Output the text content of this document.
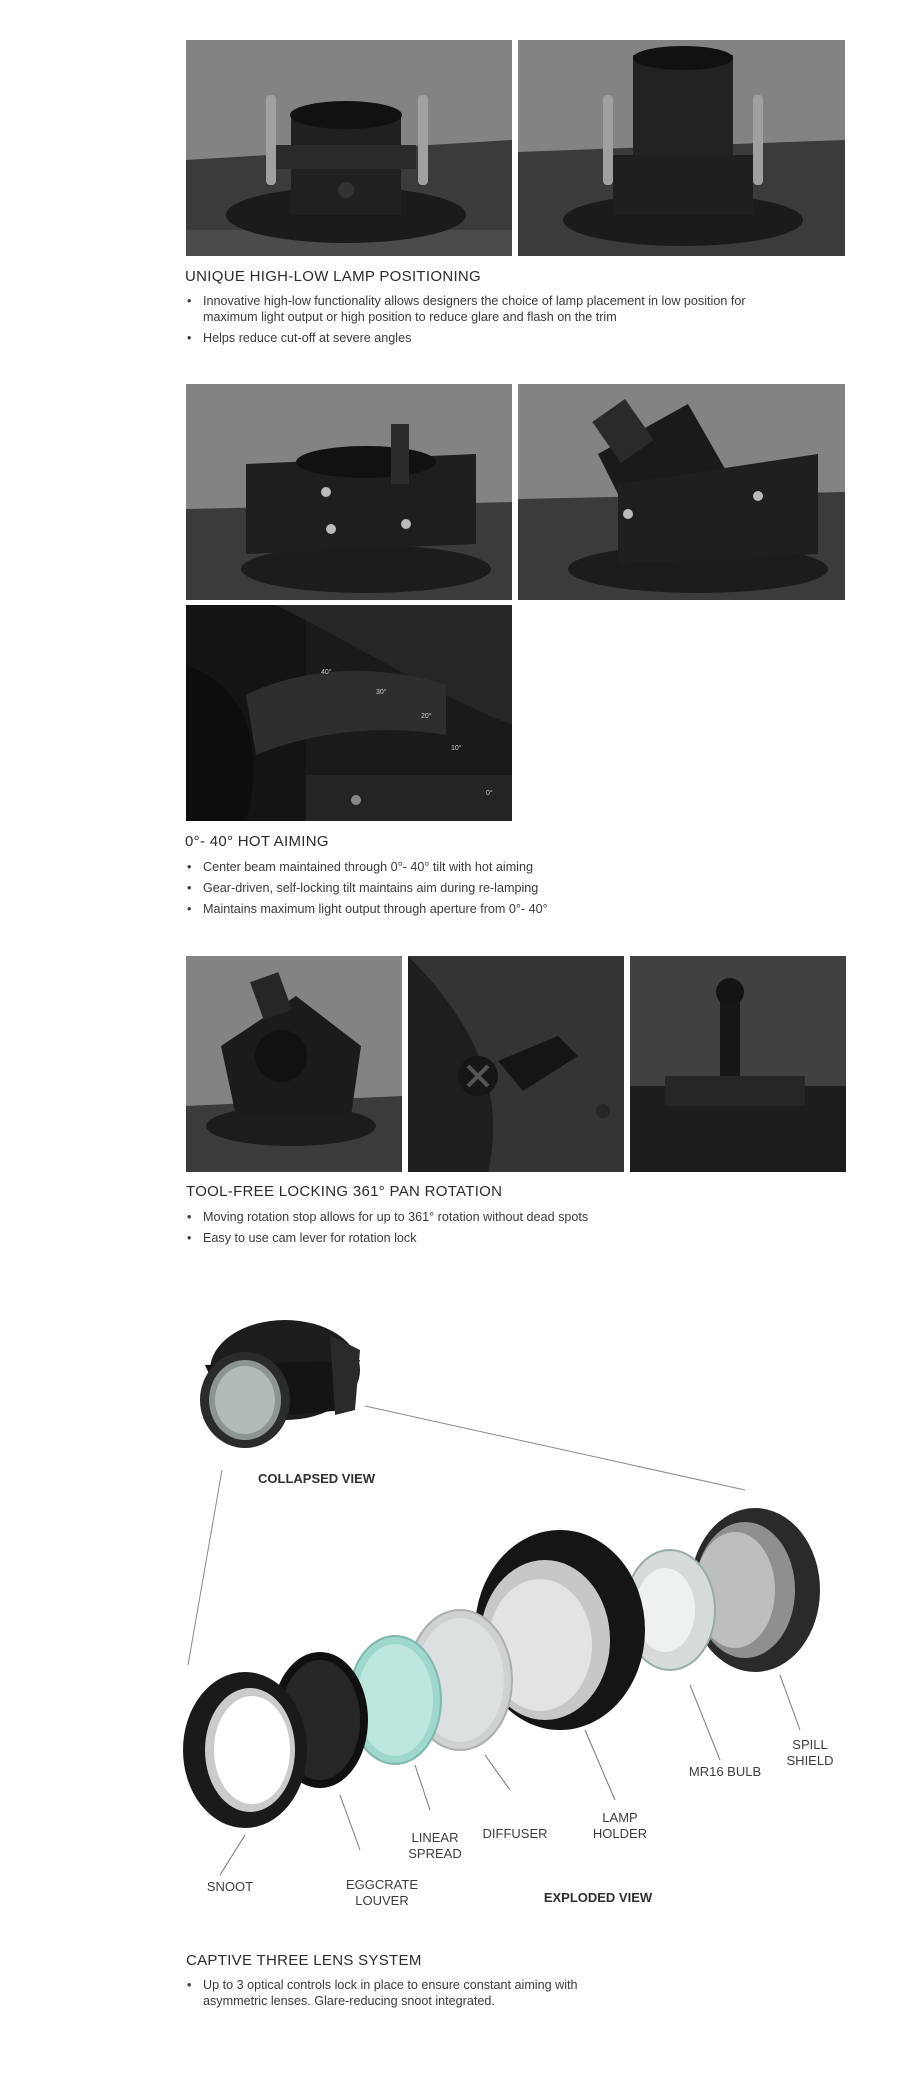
UNIQUE HIGH-LOW LAMP POSITIONING
• Innovative high-low functionality allows designers the choice of lamp placement in low position for maximum light output or high position to reduce glare and flash on the trim
• Helps reduce cut-off at severe angles
40°
30°
20°
10°
0°
0°- 40° HOT AIMING
• Center beam maintained through 0°- 40° tilt with hot aiming
• Gear-driven, self-locking tilt maintains aim during re-lamping
• Maintains maximum light output through aperture from 0°- 40°
TOOL-FREE LOCKING 361° PAN ROTATION
• Moving rotation stop allows for up to 361° rotation without dead spots
• Easy to use cam lever for rotation lock
COLLAPSED VIEW
SPILL
SHIELD
MR16 BULB
LAMP
HOLDER
DIFFUSER
LINEAR
SPREAD
EGGCRATE
LOUVER
SNOOT
EXPLODED VIEW
CAPTIVE THREE LENS SYSTEM
• Up to 3 optical controls lock in place to ensure constant aiming with asymmetric lenses. Glare-reducing snoot integrated.
